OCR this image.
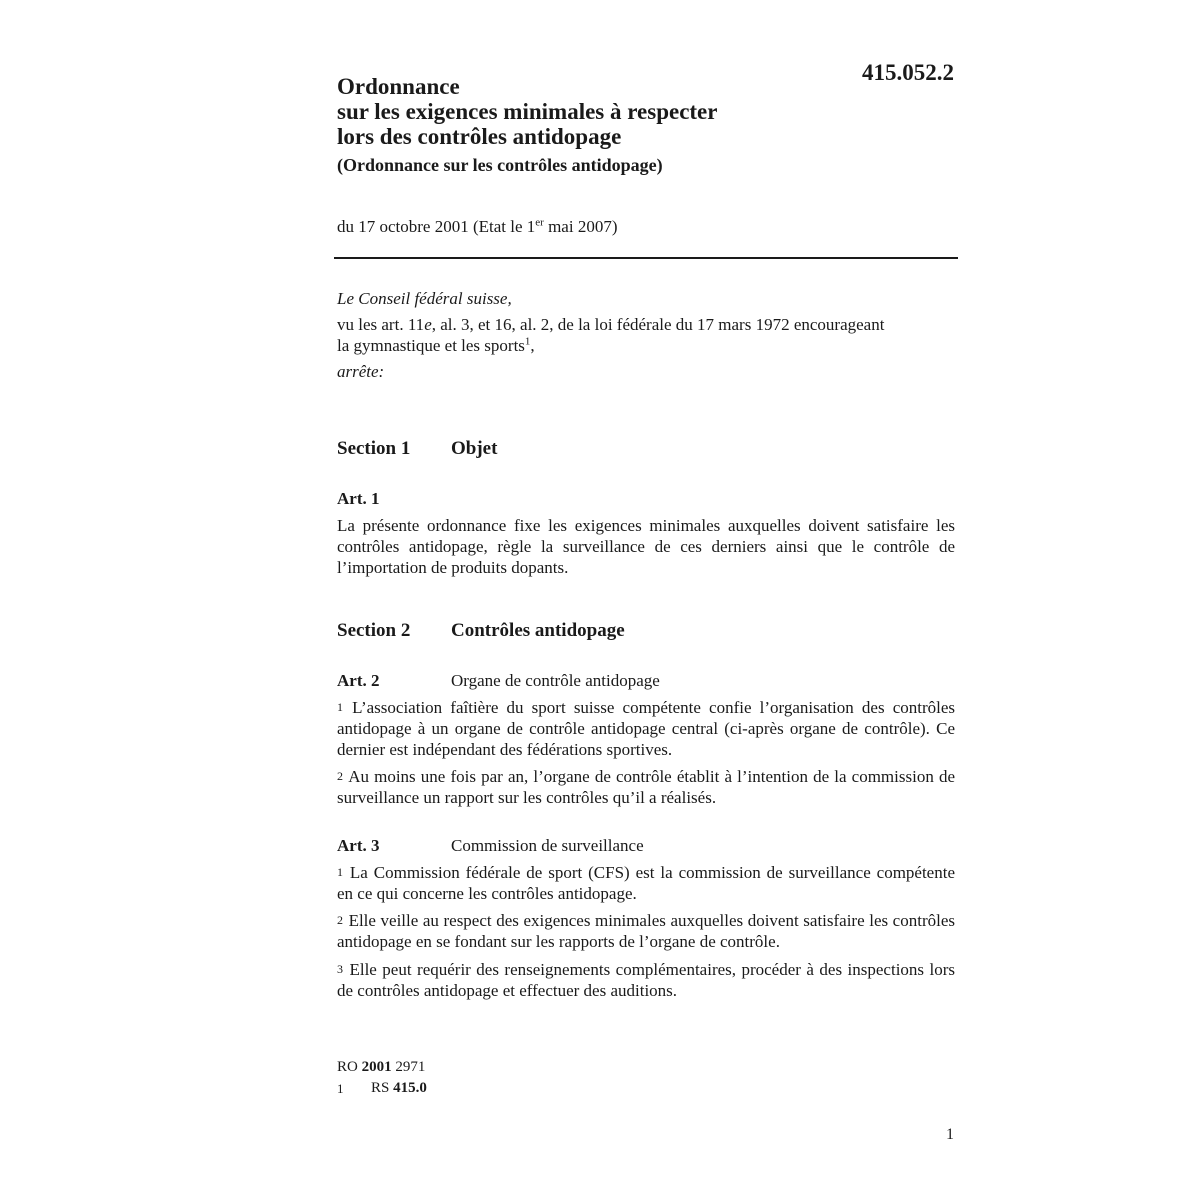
415.052.2
Ordonnance
sur les exigences minimales à respecter
lors des contrôles antidopage
(Ordonnance sur les contrôles antidopage)
du 17 octobre 2001 (Etat le 1er mai 2007)
Le Conseil fédéral suisse,
vu les art. 11e, al. 3, et 16, al. 2, de la loi fédérale du 17 mars 1972 encourageant
la gymnastique et les sports$^1$,
arrête:
Section 1 Objet
Art. 1
La présente ordonnance fixe les exigences minimales auxquelles doivent satisfaire les contrôles antidopage, règle la surveillance de ces derniers ainsi que le contrôle de l’importation de produits dopants.
Section 2 Contrôles antidopage
Art. 2	Organe de contrôle antidopage
1 L’association faîtière du sport suisse compétente confie l’organisation des contrôles antidopage à un organe de contrôle antidopage central (ci-après organe de contrôle). Ce dernier est indépendant des fédérations sportives.
2 Au moins une fois par an, l’organe de contrôle établit à l’intention de la commission de surveillance un rapport sur les contrôles qu’il a réalisés.
Art. 3	Commission de surveillance
1 La Commission fédérale de sport (CFS) est la commission de surveillance compétente en ce qui concerne les contrôles antidopage.
2 Elle veille au respect des exigences minimales auxquelles doivent satisfaire les contrôles antidopage en se fondant sur les rapports de l’organe de contrôle.
3 Elle peut requérir des renseignements complémentaires, procéder à des inspections lors de contrôles antidopage et effectuer des auditions.
RO 2001 2971
1 RS 415.0
1
